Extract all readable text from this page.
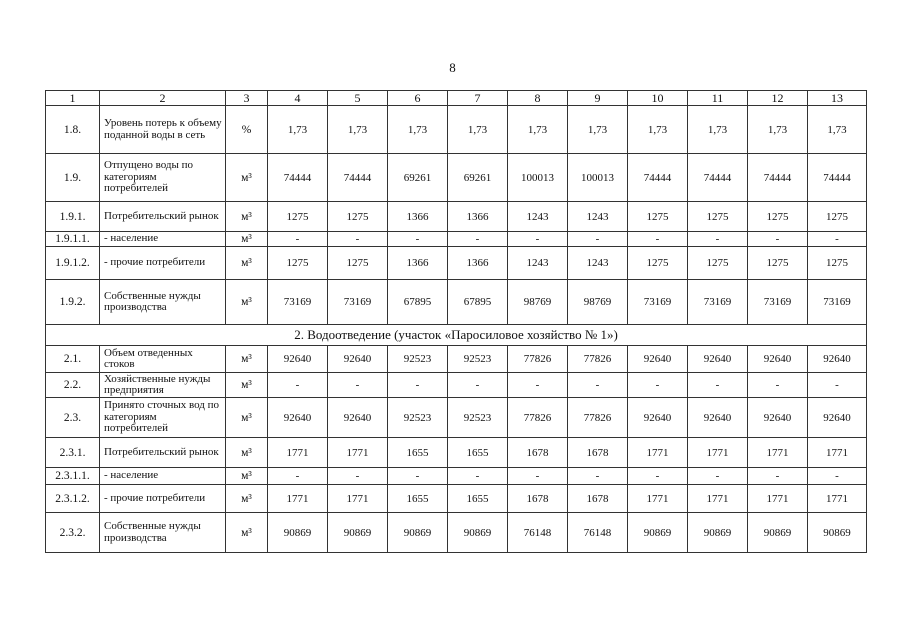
8
1	2	3	4	5	6	7	8	9	10	11	12	13
1.8.	Уровень потерь к объему поданной воды в сеть	%	1,73	1,73	1,73	1,73	1,73	1,73	1,73	1,73	1,73	1,73
1.9.	Отпущено воды по категориям потребителей	м³	74444	74444	69261	69261	100013	100013	74444	74444	74444	74444
1.9.1.	Потребительский рынок	м³	1275	1275	1366	1366	1243	1243	1275	1275	1275	1275
1.9.1.1.	- население	м³	-	-	-	-	-	-	-	-	-	-
1.9.1.2.	- прочие потребители	м³	1275	1275	1366	1366	1243	1243	1275	1275	1275	1275
1.9.2.	Собственные нужды производства	м³	73169	73169	67895	67895	98769	98769	73169	73169	73169	73169
2. Водоотведение (участок «Паросиловое хозяйство № 1»)												
2.1.	Объем отведенных стоков	м³	92640	92640	92523	92523	77826	77826	92640	92640	92640	92640
2.2.	Хозяйственные нужды предприятия	м³	-	-	-	-	-	-	-	-	-	-
2.3.	Принято сточных вод по категориям потребителей	м³	92640	92640	92523	92523	77826	77826	92640	92640	92640	92640
2.3.1.	Потребительский рынок	м³	1771	1771	1655	1655	1678	1678	1771	1771	1771	1771
2.3.1.1.	- население	м³	-	-	-	-	-	-	-	-	-	-
2.3.1.2.	- прочие потребители	м³	1771	1771	1655	1655	1678	1678	1771	1771	1771	1771
2.3.2.	Собственные нужды производства	м³	90869	90869	90869	90869	76148	76148	90869	90869	90869	90869
